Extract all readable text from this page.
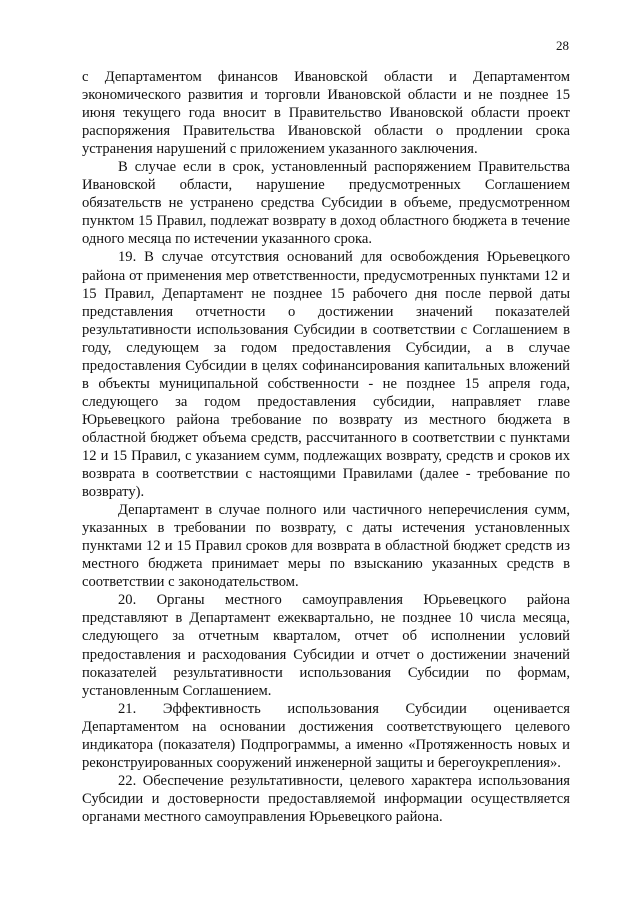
28

с Департаментом финансов Ивановской области и Департаментом экономического развития и торговли Ивановской области и не позднее 15 июня текущего года вносит в Правительство Ивановской области проект распоряжения Правительства Ивановской области о продлении срока устранения нарушений с приложением указанного заключения.

В случае если в срок, установленный распоряжением Правительства Ивановской области, нарушение предусмотренных Соглашением обязательств не устранено средства Субсидии в объеме, предусмотренном пунктом 15 Правил, подлежат возврату в доход областного бюджета в течение одного месяца по истечении указанного срока.

19. В случае отсутствия оснований для освобождения Юрьевецкого района от применения мер ответственности, предусмотренных пунктами 12 и 15 Правил, Департамент не позднее 15 рабочего дня после первой даты представления отчетности о достижении значений показателей результативности использования Субсидии в соответствии с Соглашением в году, следующем за годом предоставления Субсидии, а в случае предоставления Субсидии в целях софинансирования капитальных вложений в объекты муниципальной собственности - не позднее 15 апреля года, следующего за годом предоставления субсидии, направляет главе Юрьевецкого района требование по возврату из местного бюджета в областной бюджет объема средств, рассчитанного в соответствии с пунктами 12 и 15 Правил, с указанием сумм, подлежащих возврату, средств и сроков их возврата в соответствии с настоящими Правилами (далее - требование по возврату).

Департамент в случае полного или частичного неперечисления сумм, указанных в требовании по возврату, с даты истечения установленных пунктами 12 и 15 Правил сроков для возврата в областной бюджет средств из местного бюджета принимает меры по взысканию указанных средств в соответствии с законодательством.

20. Органы местного самоуправления Юрьевецкого района представляют в Департамент ежеквартально, не позднее 10 числа месяца, следующего за отчетным кварталом, отчет об исполнении условий предоставления и расходования Субсидии и отчет о достижении значений показателей результативности использования Субсидии по формам, установленным Соглашением.

21. Эффективность использования Субсидии оценивается Департаментом на основании достижения соответствующего целевого индикатора (показателя) Подпрограммы, а именно «Протяженность новых и реконструированных сооружений инженерной защиты и берегоукрепления».

22. Обеспечение результативности, целевого характера использования Субсидии и достоверности предоставляемой информации осуществляется органами местного самоуправления Юрьевецкого района.
